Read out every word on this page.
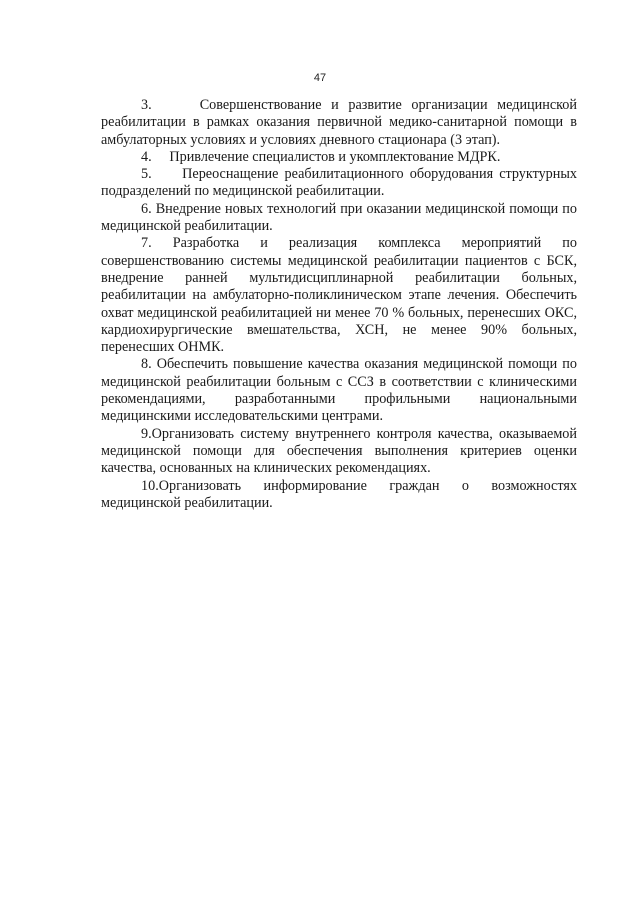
47

3.     Совершенствование и развитие организации медицинской реабилитации в рамках оказания первичной медико-санитарной помощи в амбулаторных условиях и условиях дневного стационара (3 этап).

4.     Привлечение специалистов и укомплектование МДРК.

5.     Переоснащение реабилитационного оборудования структурных подразделений по медицинской реабилитации.

6. Внедрение новых технологий при оказании медицинской помощи по медицинской реабилитации.

7. Разработка и реализация комплекса мероприятий по совершенствованию системы медицинской реабилитации пациентов с БСК, внедрение ранней мультидисциплинарной реабилитации больных, реабилитации на амбулаторно-поликлиническом этапе лечения. Обеспечить охват медицинской реабилитацией ни менее 70 % больных, перенесших ОКС, кардиохирургические вмешательства, ХСН, не менее 90% больных, перенесших ОНМК.

8. Обеспечить повышение качества оказания медицинской помощи по медицинской реабилитации больным с ССЗ в соответствии с клиническими рекомендациями, разработанными профильными национальными медицинскими исследовательскими центрами.

9.Организовать систему внутреннего контроля качества, оказываемой медицинской помощи для обеспечения выполнения критериев оценки качества, основанных на клинических рекомендациях.

10.Организовать информирование граждан о возможностях медицинской реабилитации.
